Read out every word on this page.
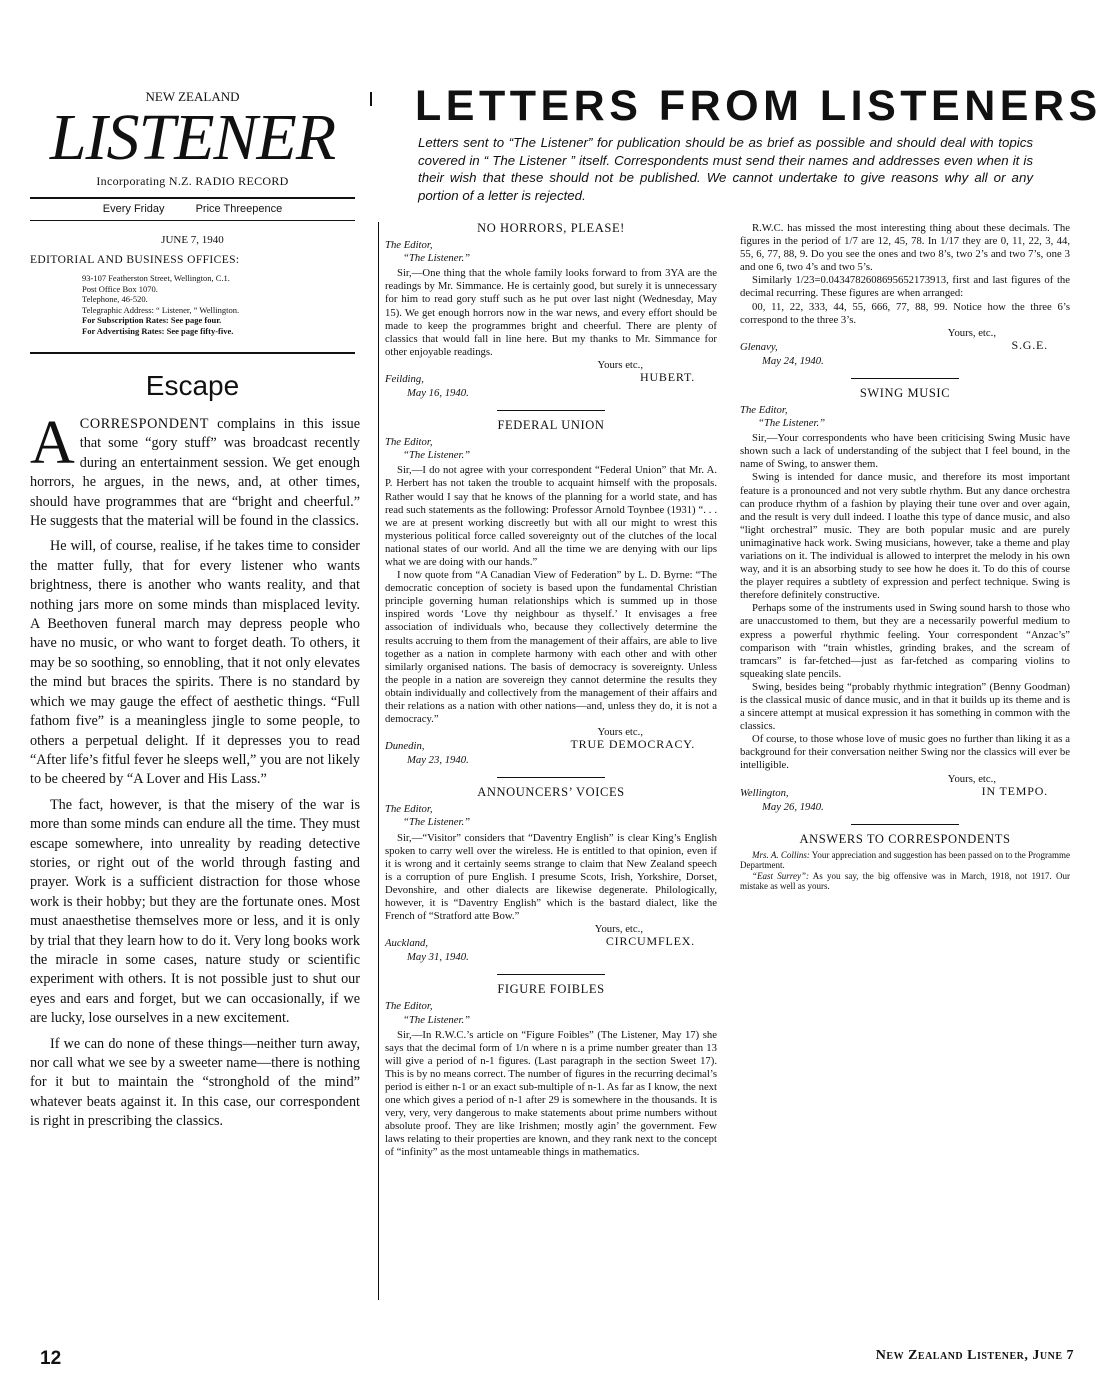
NEW ZEALAND
LISTENER
Incorporating N.Z. RADIO RECORD
Every Friday	Price Threepence
JUNE 7, 1940
EDITORIAL AND BUSINESS OFFICES:
93-107 Featherston Street, Wellington, C.1.
Post Office Box 1070.
Telephone, 46-520.
Telegraphic Address: “ Listener, ” Wellington.
For Subscription Rates: See page four.
For Advertising Rates: See page fifty-five.
Escape

ACORRESPONDENT complains in this issue that some “gory stuff” was broadcast recently during an entertainment session. We get enough horrors, he argues, in the news, and, at other times, should have programmes that are “bright and cheerful.” He suggests that the material will be found in the classics.

He will, of course, realise, if he takes time to consider the matter fully, that for every listener who wants brightness, there is another who wants reality, and that nothing jars more on some minds than misplaced levity. A Beethoven funeral march may depress people who have no music, or who want to forget death. To others, it may be so soothing, so ennobling, that it not only elevates the mind but braces the spirits. There is no standard by which we may gauge the effect of aesthetic things. “Full fathom five” is a meaningless jingle to some people, to others a perpetual delight. If it depresses you to read “After life’s fitful fever he sleeps well,” you are not likely to be cheered by “A Lover and His Lass.”

The fact, however, is that the misery of the war is more than some minds can endure all the time. They must escape somewhere, into unreality by reading detective stories, or right out of the world through fasting and prayer. Work is a sufficient distraction for those whose work is their hobby; but they are the fortunate ones. Most must anaesthetise themselves more or less, and it is only by trial that they learn how to do it. Very long books work the miracle in some cases, nature study or scientific experiment with others. It is not possible just to shut our eyes and ears and forget, but we can occasionally, if we are lucky, lose ourselves in a new excitement.

If we can do none of these things—neither turn away, nor call what we see by a sweeter name—there is nothing for it but to maintain the “stronghold of the mind” whatever beats against it. In this case, our correspondent is right in prescribing the classics.

LETTERS FROM LISTENERS
Letters sent to “The Listener” for publication should be as brief as possible and should deal with topics covered in “ The Listener ” itself. Correspondents must send their names and addresses even when it is their wish that these should not be published. We cannot undertake to give reasons why all or any portion of a letter is rejected.
NO HORRORS, PLEASE!
The Editor,
“The Listener.”

Sir,—One thing that the whole family looks forward to from 3YA are the readings by Mr. Simmance. He is certainly good, but surely it is unnecessary for him to read gory stuff such as he put over last night (Wednesday, May 15). We get enough horrors now in the war news, and every effort should be made to keep the programmes bright and cheerful. There are plenty of classics that would fall in line here. But my thanks to Mr. Simmance for other enjoyable readings.

Yours etc.,
HUBERT.
Feilding,
May 16, 1940.
FEDERAL UNION
The Editor,
“The Listener.”

Sir,—I do not agree with your correspondent “Federal Union” that Mr. A. P. Herbert has not taken the trouble to acquaint himself with the proposals. Rather would I say that he knows of the planning for a world state, and has read such statements as the following: Professor Arnold Toynbee (1931) “. . . we are at present working discreetly but with all our might to wrest this mysterious political force called sovereignty out of the clutches of the local national states of our world. And all the time we are denying with our lips what we are doing with our hands.”

I now quote from “A Canadian View of Federation” by L. D. Byrne: “The democratic conception of society is based upon the fundamental Christian principle governing human relationships which is summed up in those inspired words ‘Love thy neighbour as thyself.’ It envisages a free association of individuals who, because they collectively determine the results accruing to them from the management of their affairs, are able to live together as a nation in complete harmony with each other and with other similarly organised nations. The basis of democracy is sovereignty. Unless the people in a nation are sovereign they cannot determine the results they obtain individually and collectively from the management of their affairs and their relations as a nation with other nations—and, unless they do, it is not a democracy.”

Yours etc.,
TRUE DEMOCRACY.
Dunedin,
May 23, 1940.
ANNOUNCERS’ VOICES
The Editor,
“The Listener.”

Sir,—“Visitor” considers that “Daventry English” is clear King’s English spoken to carry well over the wireless. He is entitled to that opinion, even if it is wrong and it certainly seems strange to claim that New Zealand speech is a corruption of pure English. I presume Scots, Irish, Yorkshire, Dorset, Devonshire, and other dialects are likewise degenerate. Philologically, however, it is “Daventry English” which is the bastard dialect, like the French of “Stratford atte Bow.”

Yours, etc.,
CIRCUMFLEX.
Auckland,
May 31, 1940.
FIGURE FOIBLES
The Editor,
“The Listener.”

Sir,—In R.W.C.’s article on “Figure Foibles” (The Listener, May 17) she says that the decimal form of 1/n where n is a prime number greater than 13 will give a period of n-1 figures. (Last paragraph in the section Sweet 17). This is by no means correct. The number of figures in the recurring decimal’s period is either n-1 or an exact sub-multiple of n-1. As far as I know, the next one which gives a period of n-1 after 29 is somewhere in the thousands. It is very, very, very dangerous to make statements about prime numbers without absolute proof. They are like Irishmen; mostly agin’ the government. Few laws relating to their properties are known, and they rank next to the concept of “infinity” as the most untameable things in mathematics.

R.W.C. has missed the most interesting thing about these decimals. The figures in the period of 1/7 are 12, 45, 78. In 1/17 they are 0, 11, 22, 3, 44, 55, 6, 77, 88, 9. Do you see the ones and two 8’s, two 2’s and two 7’s, one 3 and one 6, two 4’s and two 5’s.

Similarly 1/23=0.0434782608695652173913, first and last figures of the decimal recurring. These figures are when arranged:

00, 11, 22, 333, 44, 55, 666, 77, 88, 99. Notice how the three 6’s correspond to the three 3’s.

Yours, etc.,
S.G.E.
Glenavy,
May 24, 1940.
SWING MUSIC
The Editor,
“The Listener.”

Sir,—Your correspondents who have been criticising Swing Music have shown such a lack of understanding of the subject that I feel bound, in the name of Swing, to answer them.

Swing is intended for dance music, and therefore its most important feature is a pronounced and not very subtle rhythm. But any dance orchestra can produce rhythm of a fashion by playing their tune over and over again, and the result is very dull indeed. I loathe this type of dance music, and also “light orchestral” music. They are both popular music and are purely unimaginative hack work. Swing musicians, however, take a theme and play variations on it. The individual is allowed to interpret the melody in his own way, and it is an absorbing study to see how he does it. To do this of course the player requires a subtlety of expression and perfect technique. Swing is therefore definitely constructive.

Perhaps some of the instruments used in Swing sound harsh to those who are unaccustomed to them, but they are a necessarily powerful medium to express a powerful rhythmic feeling. Your correspondent “Anzac’s” comparison with “train whistles, grinding brakes, and the scream of tramcars” is far-fetched—just as far-fetched as comparing violins to squeaking slate pencils.

Swing, besides being “probably rhythmic integration” (Benny Goodman) is the classical music of dance music, and in that it builds up its theme and is a sincere attempt at musical expression it has something in common with the classics.

Of course, to those whose love of music goes no further than liking it as a background for their conversation neither Swing nor the classics will ever be intelligible.

Yours, etc.,
IN TEMPO.
Wellington,
May 26, 1940.
ANSWERS TO CORRESPONDENTS

Mrs. A. Collins: Your appreciation and suggestion has been passed on to the Programme Department.

“East Surrey”: As you say, the big offensive was in March, 1918, not 1917. Our mistake as well as yours.

12	New Zealand Listener, June 7
